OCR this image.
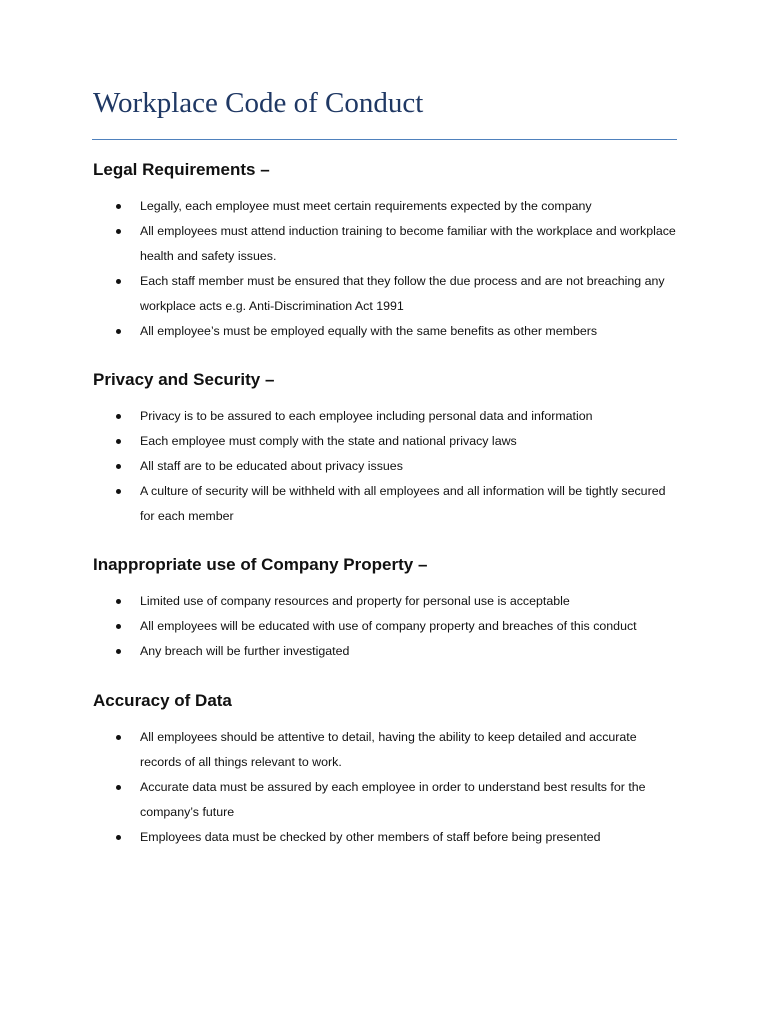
Workplace Code of Conduct
Legal Requirements –
Legally, each employee must meet certain requirements expected by the company
All employees must attend induction training to become familiar with the workplace and workplace health and safety issues.
Each staff member must be ensured that they follow the due process and are not breaching any workplace acts e.g. Anti-Discrimination Act 1991
All employee’s must be employed equally with the same benefits as other members
Privacy and Security –
Privacy is to be assured to each employee including personal data and information
Each employee must comply with the state and national privacy laws
All staff are to be educated about privacy issues
A culture of security will be withheld with all employees and all information will be tightly secured for each member
Inappropriate use of Company Property –
Limited use of company resources and property for personal use is acceptable
All employees will be educated with use of company property and breaches of this conduct
Any breach will be further investigated
Accuracy of Data
All employees should be attentive to detail, having the ability to keep detailed and accurate records of all things relevant to work.
Accurate data must be assured by each employee in order to understand best results for the company’s future
Employees data must be checked by other members of staff before being presented
